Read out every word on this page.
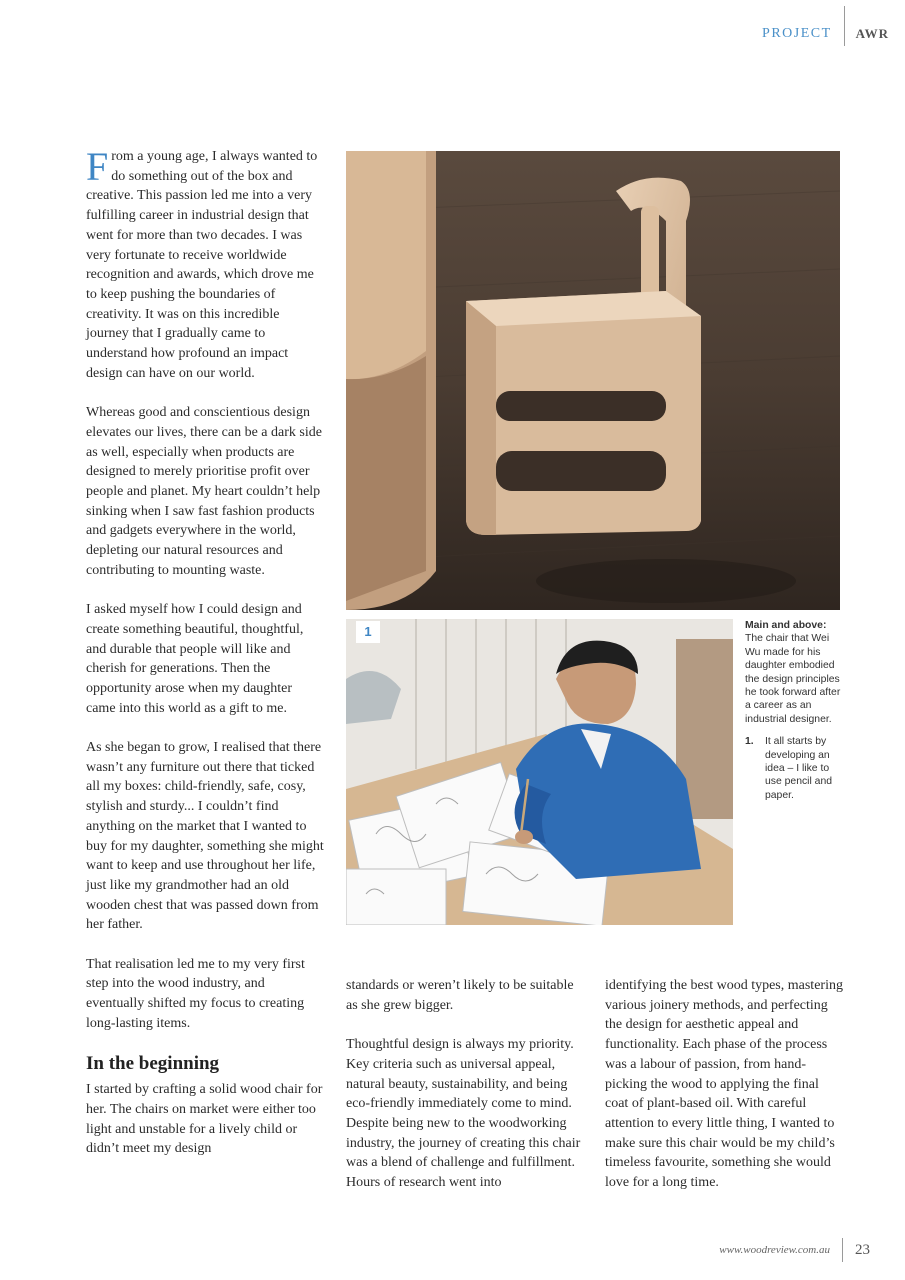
PROJECT AWR

From a young age, I always wanted to do something out of the box and creative. This passion led me into a very fulfilling career in industrial design that went for more than two decades. I was very fortunate to receive worldwide recognition and awards, which drove me to keep pushing the boundaries of creativity. It was on this incredible journey that I gradually came to understand how profound an impact design can have on our world.

Whereas good and conscientious design elevates our lives, there can be a dark side as well, especially when products are designed to merely prioritise profit over people and planet. My heart couldn’t help sinking when I saw fast fashion products and gadgets everywhere in the world, depleting our natural resources and contributing to mounting waste.

I asked myself how I could design and create something beautiful, thoughtful, and durable that people will like and cherish for generations. Then the opportunity arose when my daughter came into this world as a gift to me.

As she began to grow, I realised that there wasn’t any furniture out there that ticked all my boxes: child-friendly, safe, cosy, stylish and sturdy... I couldn’t find anything on the market that I wanted to buy for my daughter, something she might want to keep and use throughout her life, just like my grandmother had an old wooden chest that was passed down from her father.

That realisation led me to my very first step into the wood industry, and eventually shifted my focus to creating long-lasting items.

In the beginning

I started by crafting a solid wood chair for her. The chairs on market were either too light and unstable for a lively child or didn’t meet my design

standards or weren’t likely to be suitable as she grew bigger.

Thoughtful design is always my priority. Key criteria such as universal appeal, natural beauty, sustainability, and being eco-friendly immediately come to mind. Despite being new to the woodworking industry, the journey of creating this chair was a blend of challenge and fulfillment. Hours of research went into

identifying the best wood types, mastering various joinery methods, and perfecting the design for aesthetic appeal and functionality. Each phase of the process was a labour of passion, from hand-picking the wood to applying the final coat of plant-based oil. With careful attention to every little thing, I wanted to make sure this chair would be my child’s timeless favourite, something she would love for a long time.

1	Main and above:
The chair that Wei Wu made for his daughter embodied the design principles he took forward after a career as an industrial designer.
1.	It all starts by developing an idea – I like to use pencil and paper.
www.woodreview.com.au 23
